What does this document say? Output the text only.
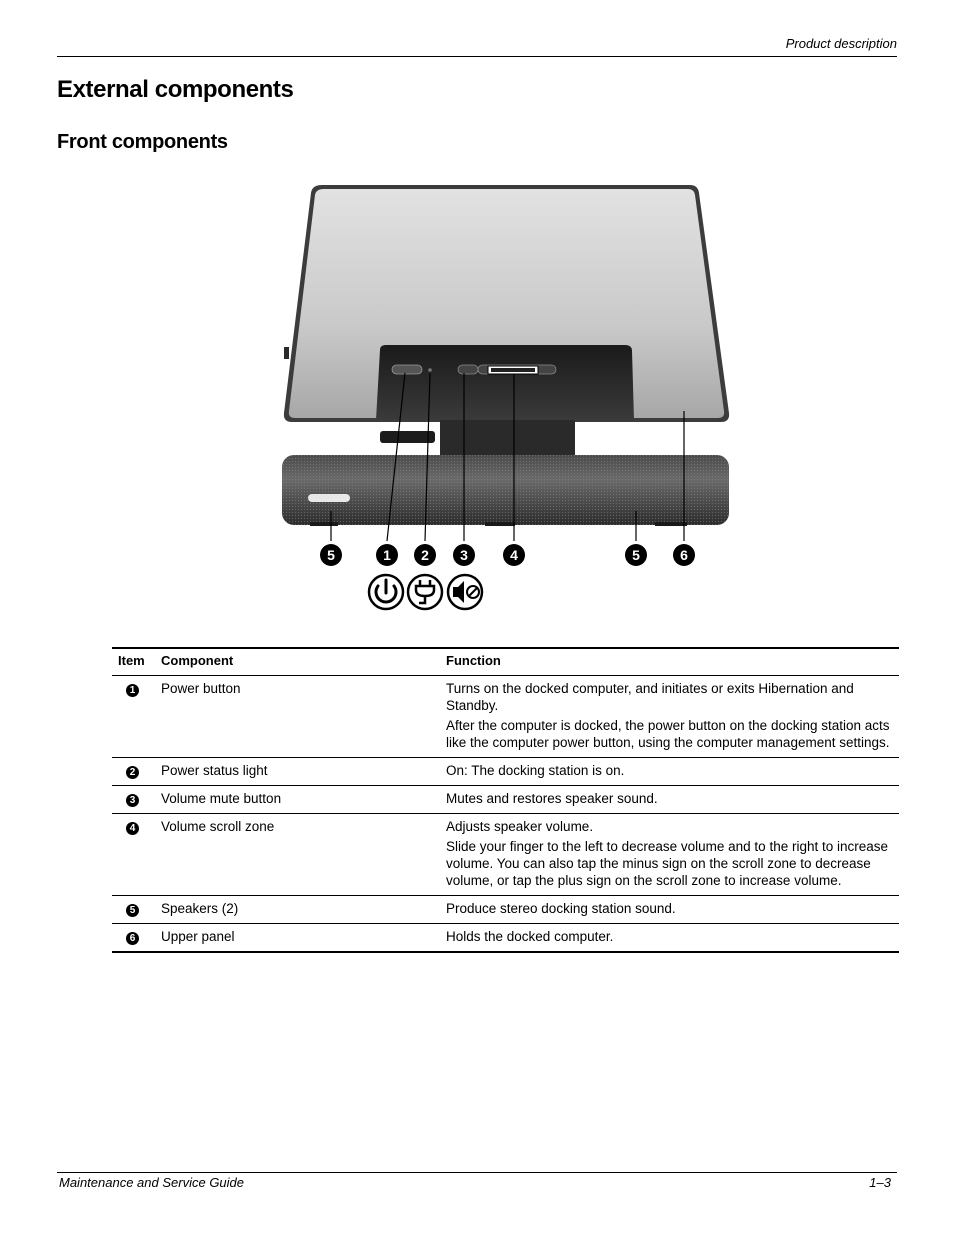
Product description
External components
Front components
5	1 2 3	4	5	6
Item	Component	Function
1	Power button	Turns on the docked computer, and initiates or exits Hibernation and Standby.

After the computer is docked, the power button on the docking station acts like the computer power button, using the computer management settings.

2	Power status light	On: The docking station is on.

3	Volume mute button	Mutes and restores speaker sound.

4	Volume scroll zone	Adjusts speaker volume.

Slide your finger to the left to decrease volume and to the right to increase volume. You can also tap the minus sign on the scroll zone to decrease volume, or tap the plus sign on the scroll zone to increase volume.

5	Speakers (2)	Produce stereo docking station sound.

6	Upper panel	Holds the docked computer.

Maintenance and Service Guide	1–3
